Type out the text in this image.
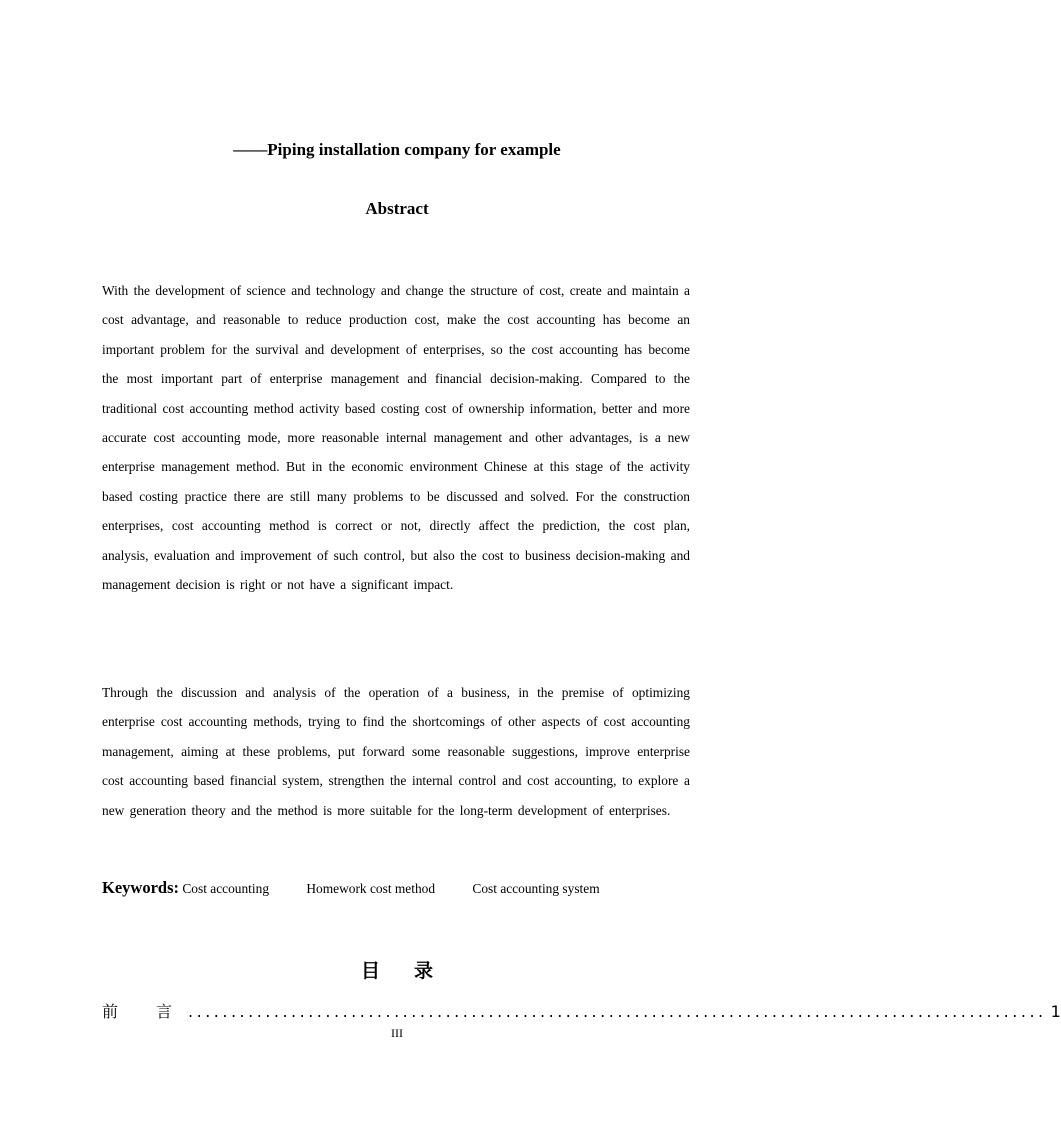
——Piping installation company for example
Abstract

With the development of science and technology and change the structure of cost, create and maintain a cost advantage, and reasonable to reduce production cost, make the cost accounting has become an important problem for the survival and development of enterprises, so the cost accounting has become the most important part of enterprise management and financial decision-making. Compared to the traditional cost accounting method activity based costing cost of ownership information, better and more accurate cost accounting mode, more reasonable internal management and other advantages, is a new enterprise management method. But in the economic environment Chinese at this stage of the activity based costing practice there are still many problems to be discussed and solved. For the construction enterprises, cost accounting method is correct or not, directly affect the prediction, the cost plan, analysis, evaluation and improvement of such control, but also the cost to business decision-making and management decision is right or not have a significant impact.

Through the discussion and analysis of the operation of a business, in the premise of optimizing enterprise cost accounting methods, trying to find the shortcomings of other aspects of cost accounting management, aiming at these problems, put forward some reasonable suggestions, improve enterprise cost accounting based financial system, strengthen the internal control and cost accounting, to explore a new generation theory and the method is more suitable for the long-term development of enterprises.

Keywords: Cost accounting	Homework cost method	Cost accounting system
目 录
前言
.................................................................................................... 1
III
